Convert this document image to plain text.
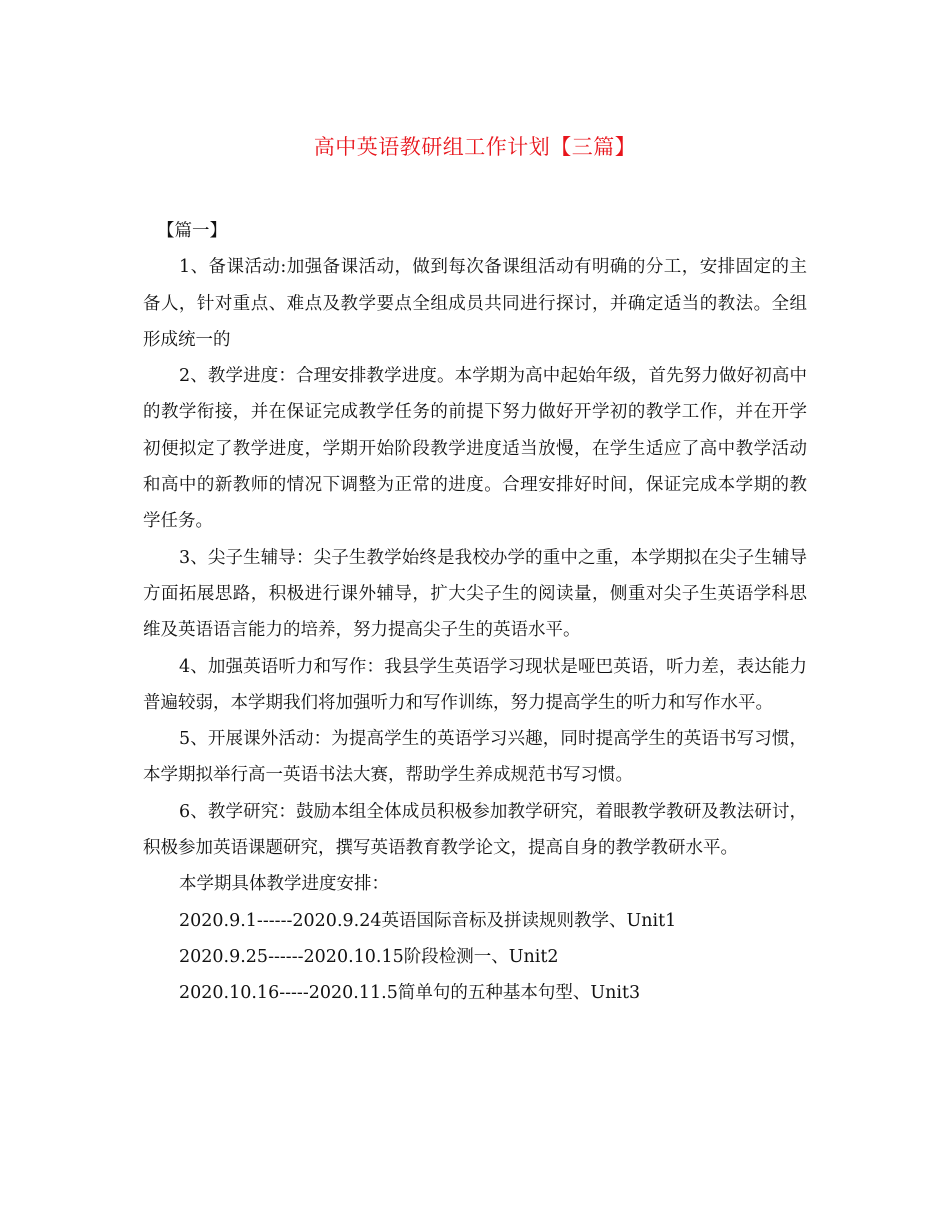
高中英语教研组工作计划【三篇】

【篇一】

1、备课活动:加强备课活动，做到每次备课组活动有明确的分工，安排固定的主备人，针对重点、难点及教学要点全组成员共同进行探讨，并确定适当的教法。全组形成统一的

2、教学进度：合理安排教学进度。本学期为高中起始年级，首先努力做好初高中的教学衔接，并在保证完成教学任务的前提下努力做好开学初的教学工作，并在开学初便拟定了教学进度，学期开始阶段教学进度适当放慢，在学生适应了高中教学活动和高中的新教师的情况下调整为正常的进度。合理安排好时间，保证完成本学期的教学任务。

3、尖子生辅导：尖子生教学始终是我校办学的重中之重，本学期拟在尖子生辅导方面拓展思路，积极进行课外辅导，扩大尖子生的阅读量，侧重对尖子生英语学科思维及英语语言能力的培养，努力提高尖子生的英语水平。

4、加强英语听力和写作：我县学生英语学习现状是哑巴英语，听力差，表达能力普遍较弱，本学期我们将加强听力和写作训练，努力提高学生的听力和写作水平。

5、开展课外活动：为提高学生的英语学习兴趣，同时提高学生的英语书写习惯，本学期拟举行高一英语书法大赛，帮助学生养成规范书写习惯。

6、教学研究：鼓励本组全体成员积极参加教学研究，着眼教学教研及教法研讨，积极参加英语课题研究，撰写英语教育教学论文，提高自身的教学教研水平。

本学期具体教学进度安排：

2020.9.1------2020.9.24英语国际音标及拼读规则教学、Unit1

2020.9.25------2020.10.15阶段检测一、Unit2

2020.10.16-----2020.11.5简单句的五种基本句型、Unit3
